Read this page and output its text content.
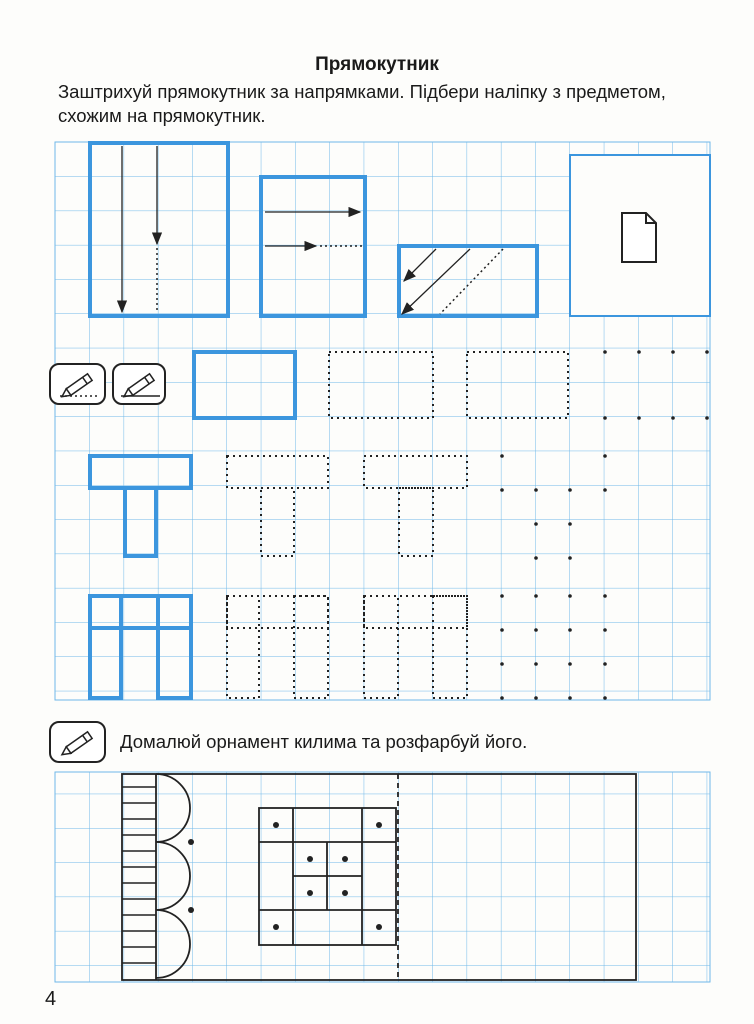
Прямокутник
Заштрихуй прямокутник за напрямками. Підбери наліпку з предметом, схожим на прямокутник.
Домалюй орнамент килима та розфарбуй його.
4
